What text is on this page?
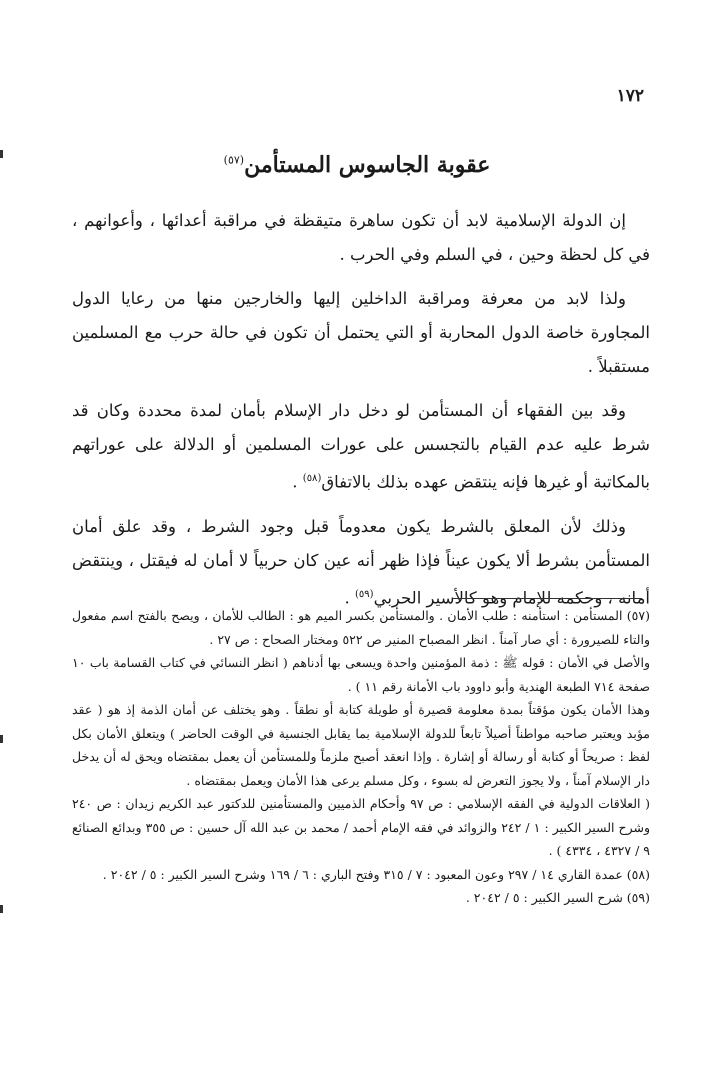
١٧٢
عقوبة الجاسوس المستأمن$^{(٥٧)}$

إن الدولة الإسلامية لابد أن تكون ساهرة متيقظة في مراقبة أعدائها ، وأعوانهم ، في كل لحظة وحين ، في السلم وفي الحرب .

ولذا لابد من معرفة ومراقبة الداخلين إليها والخارجين منها من رعايا الدول المجاورة خاصة الدول المحاربة أو التي يحتمل أن تكون في حالة حرب مع المسلمين مستقبلاً .

وقد بين الفقهاء أن المستأمن لو دخل دار الإسلام بأمان لمدة محددة وكان قد شرط عليه عدم القيام بالتجسس على عورات المسلمين أو الدلالة على عوراتهم بالمكاتبة أو غيرها فإنه ينتقض عهده بذلك بالاتفاق$^{(٥٨)}$ .

وذلك لأن المعلق بالشرط يكون معدوماً قبل وجود الشرط ، وقد علق أمان المستأمن بشرط ألا يكون عيناً فإذا ظهر أنه عين كان حربياً لا أمان له فيقتل ، وينتقض أمانه ، وحكمه للإمام وهو كالأسير الحربي$^{(٥٩)}$ .

(٥٧) المستأمن : استأمنه : طلب الأمان . والمستأمن بكسر الميم هو : الطالب للأمان ، ويصح بالفتح اسم مفعول والتاء للصيرورة : أي صار آمناً . انظر المصباح المنير ص ٥٢٢ ومختار الصحاح : ص ٢٧ .

والأصل في الأمان : قوله ﷺ : ذمة المؤمنين واحدة ويسعى بها أدناهم ( انظر النسائي في كتاب القسامة باب ١٠ صفحة ٧١٤ الطبعة الهندية وأبو داوود باب الأمانة رقم ١١ ) .

وهذا الأمان يكون مؤقتاً بمدة معلومة قصيرة أو طويلة كتابة أو نطقاً . وهو يختلف عن أمان الذمة إذ هو ( عقد مؤبد ويعتبر صاحبه مواطناً أصيلاً تابعاً للدولة الإسلامية بما يقابل الجنسية في الوقت الحاضر ) ويتعلق الأمان بكل لفظ : صريحاً أو كتابة أو رسالة أو إشارة . وإذا انعقد أصبح ملزماً وللمستأمن أن يعمل بمقتضاه ويحق له أن يدخل دار الإسلام آمناً ، ولا يجوز التعرض له بسوء ، وكل مسلم يرعى هذا الأمان ويعمل بمقتضاه .

( العلاقات الدولية في الفقه الإسلامي : ص ٩٧ وأحكام الذميين والمستأمنين للدكتور عبد الكريم زيدان : ص ٢٤٠ وشرح السير الكبير : ١ / ٢٤٢ والزوائد في فقه الإمام أحمد / محمد بن عبد الله آل حسين : ص ٣٥٥ وبدائع الصنائع ٩ / ٤٣٢٧ ، ٤٣٣٤ ) .

(٥٨) عمدة القاري ١٤ / ٢٩٧ وعون المعبود : ٧ / ٣١٥ وفتح الباري : ٦ / ١٦٩ وشرح السير الكبير : ٥ / ٢٠٤٢ .

(٥٩) شرح السير الكبير : ٥ / ٢٠٤٢ .
